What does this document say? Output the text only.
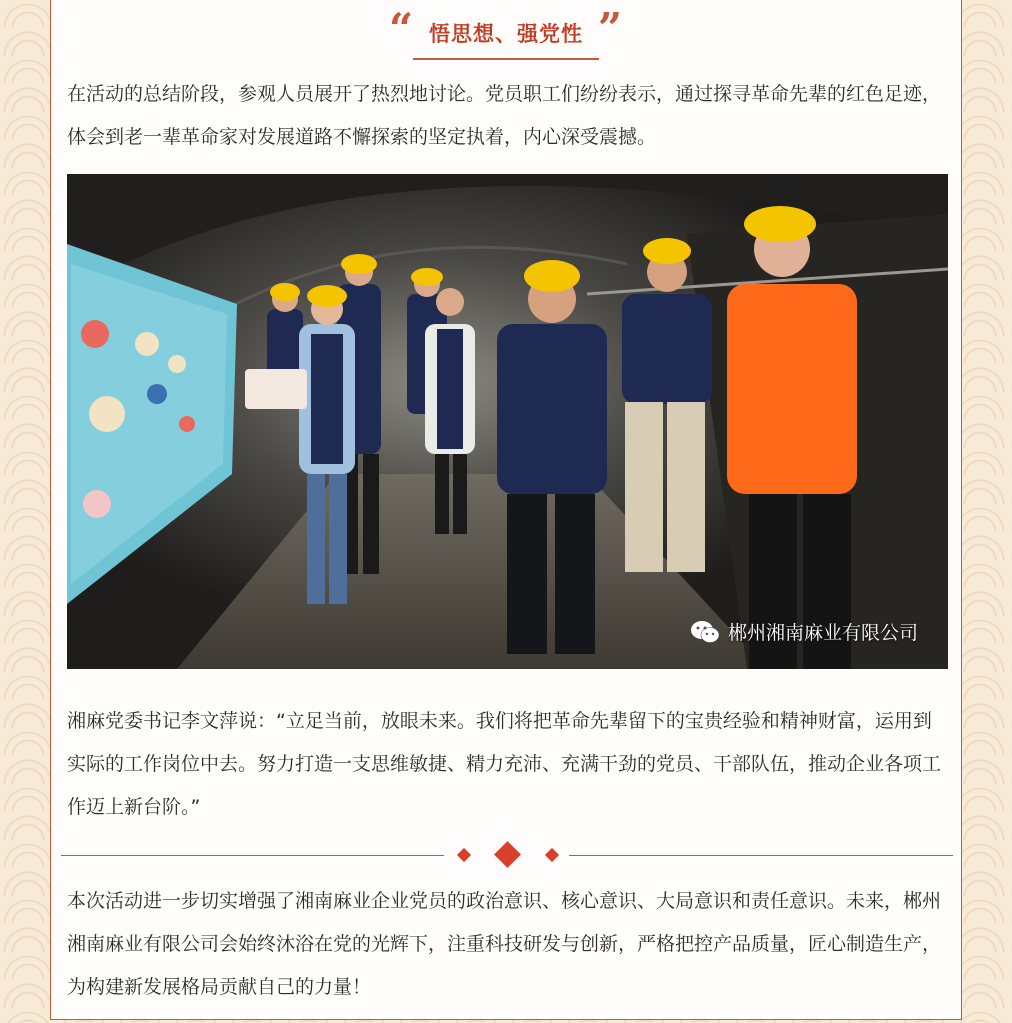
“ 悟思想、强党性 ”

在活动的总结阶段，参观人员展开了热烈地讨论。党员职工们纷纷表示，通过探寻革命先辈的红色足迹，体会到老一辈革命家对发展道路不懈探索的坚定执着，内心深受震撼。

郴州湘南麻业有限公司

湘麻党委书记李文萍说：“立足当前，放眼未来。我们将把革命先辈留下的宝贵经验和精神财富，运用到实际的工作岗位中去。努力打造一支思维敏捷、精力充沛、充满干劲的党员、干部队伍，推动企业各项工作迈上新台阶。”

本次活动进一步切实增强了湘南麻业企业党员的政治意识、核心意识、大局意识和责任意识。未来，郴州湘南麻业有限公司会始终沐浴在党的光辉下，注重科技研发与创新，严格把控产品质量，匠心制造生产，为构建新发展格局贡献自己的力量！
